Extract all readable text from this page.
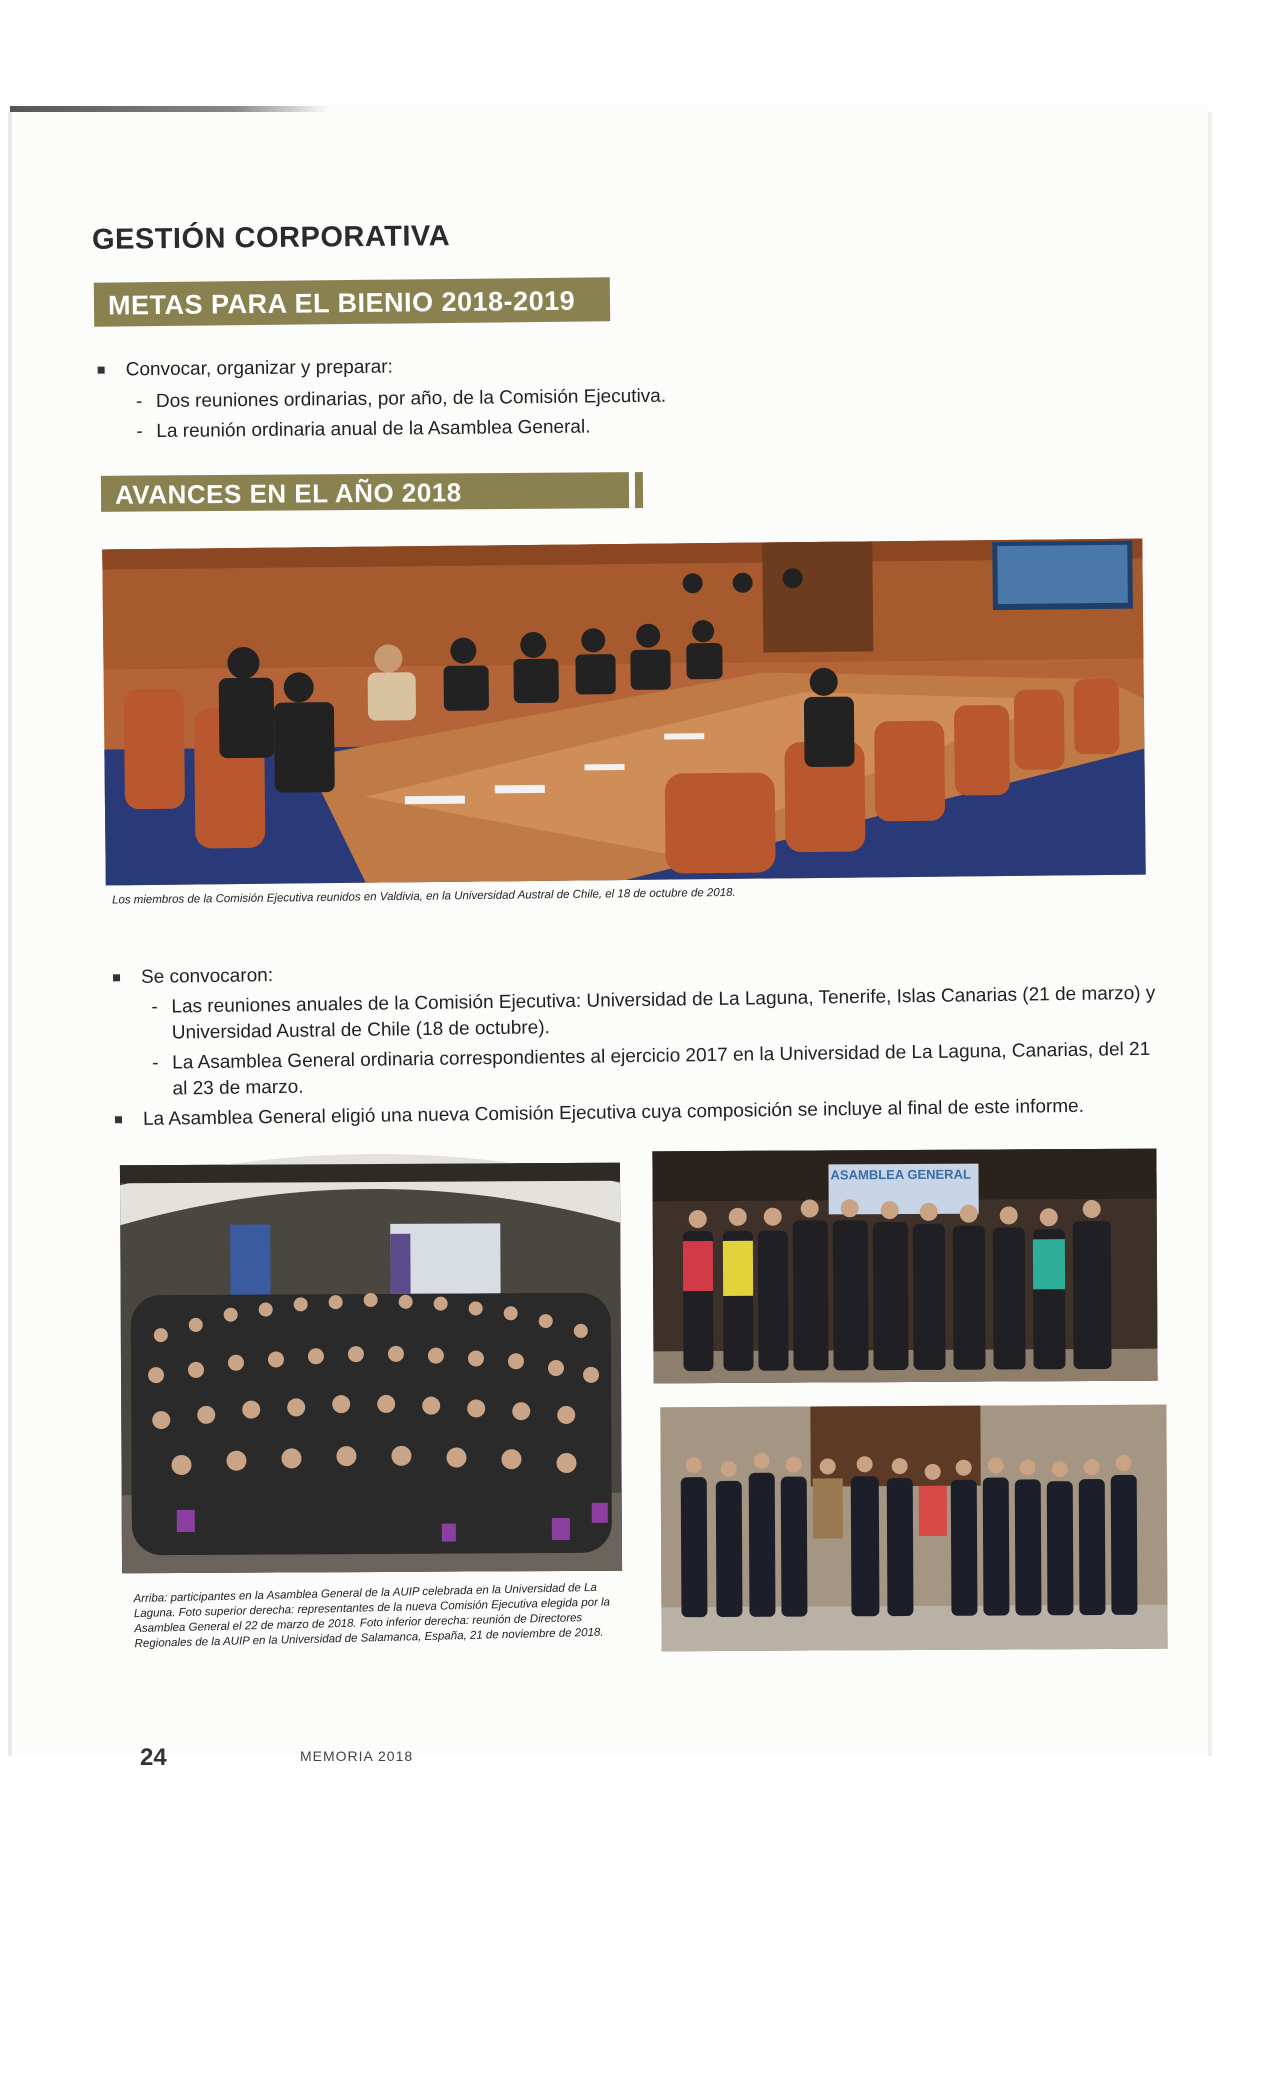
GESTIÓN CORPORATIVA
METAS PARA EL BIENIO 2018-2019
Convocar, organizar y preparar:
- Dos reuniones ordinarias, por año, de la Comisión Ejecutiva.
- La reunión ordinaria anual de la Asamblea General.
AVANCES EN EL AÑO 2018
Los miembros de la Comisión Ejecutiva reunidos en Valdivia, en la Universidad Austral de Chile, el 18 de octubre de 2018.
Se convocaron:
- Las reuniones anuales de la Comisión Ejecutiva: Universidad de La Laguna, Tenerife, Islas Canarias (21 de marzo) y Universidad Austral de Chile (18 de octubre).
- La Asamblea General ordinaria correspondientes al ejercicio 2017 en la Universidad de La Laguna, Canarias, del 21 al 23 de marzo.
La Asamblea General eligió una nueva Comisión Ejecutiva cuya composición se incluye al final de este informe.
ASAMBLEA GENERAL
Arriba: participantes en la Asamblea General de la AUIP celebrada en la Universidad de La Laguna. Foto superior derecha: representantes de la nueva Comisión Ejecutiva elegida por la Asamblea General el 22 de marzo de 2018. Foto inferior derecha: reunión de Directores Regionales de la AUIP en la Universidad de Salamanca, España, 21 de noviembre de 2018.
24	MEMORIA 2018
